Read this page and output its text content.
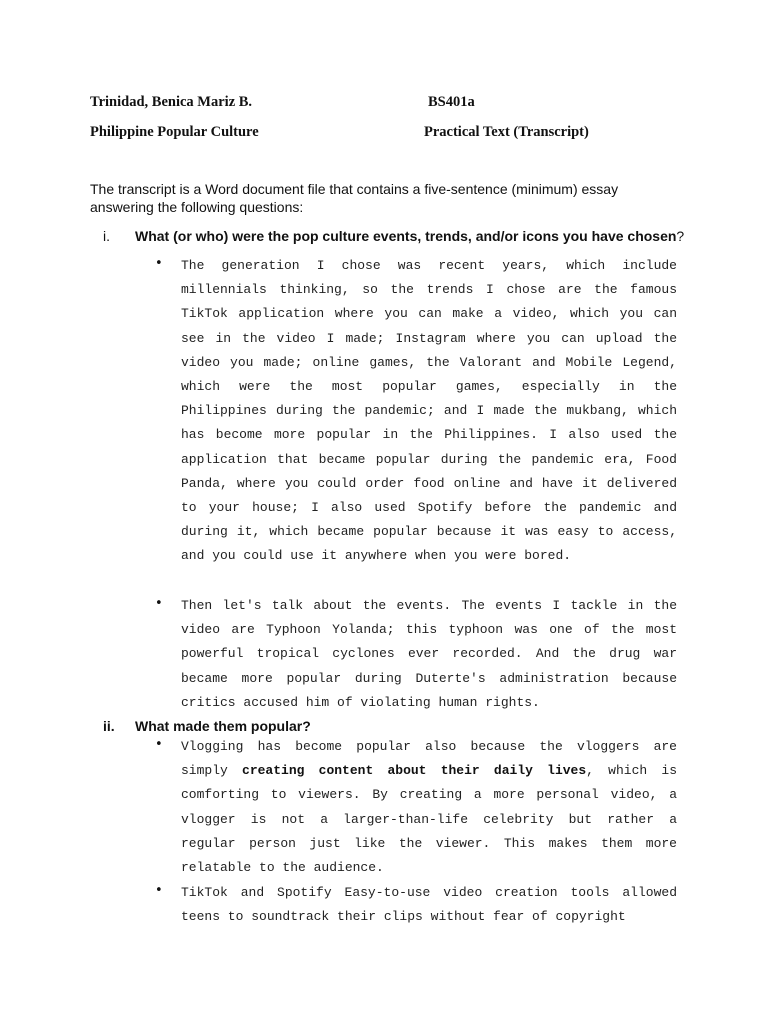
Trinidad, Benica Mariz B.	BS401a
Philippine Popular Culture	Practical Text (Transcript)
The transcript is a Word document file that contains a five-sentence (minimum) essay answering the following questions:
i. What (or who) were the pop culture events, trends, and/or icons you have chosen?
• The generation I chose was recent years, which include millennials thinking, so the trends I chose are the famous TikTok application where you can make a video, which you can see in the video I made; Instagram where you can upload the video you made; online games, the Valorant and Mobile Legend, which were the most popular games, especially in the Philippines during the pandemic; and I made the mukbang, which has become more popular in the Philippines. I also used the application that became popular during the pandemic era, Food Panda, where you could order food online and have it delivered to your house; I also used Spotify before the pandemic and during it, which became popular because it was easy to access, and you could use it anywhere when you were bored.
• Then let's talk about the events. The events I tackle in the video are Typhoon Yolanda; this typhoon was one of the most powerful tropical cyclones ever recorded. And the drug war became more popular during Duterte's administration because critics accused him of violating human rights.
ii. What made them popular?
• Vlogging has become popular also because the vloggers are simply creating content about their daily lives, which is comforting to viewers. By creating a more personal video, a vlogger is not a larger-than-life celebrity but rather a regular person just like the viewer. This makes them more relatable to the audience.
• TikTok and Spotify Easy-to-use video creation tools allowed teens to soundtrack their clips without fear of copyright
